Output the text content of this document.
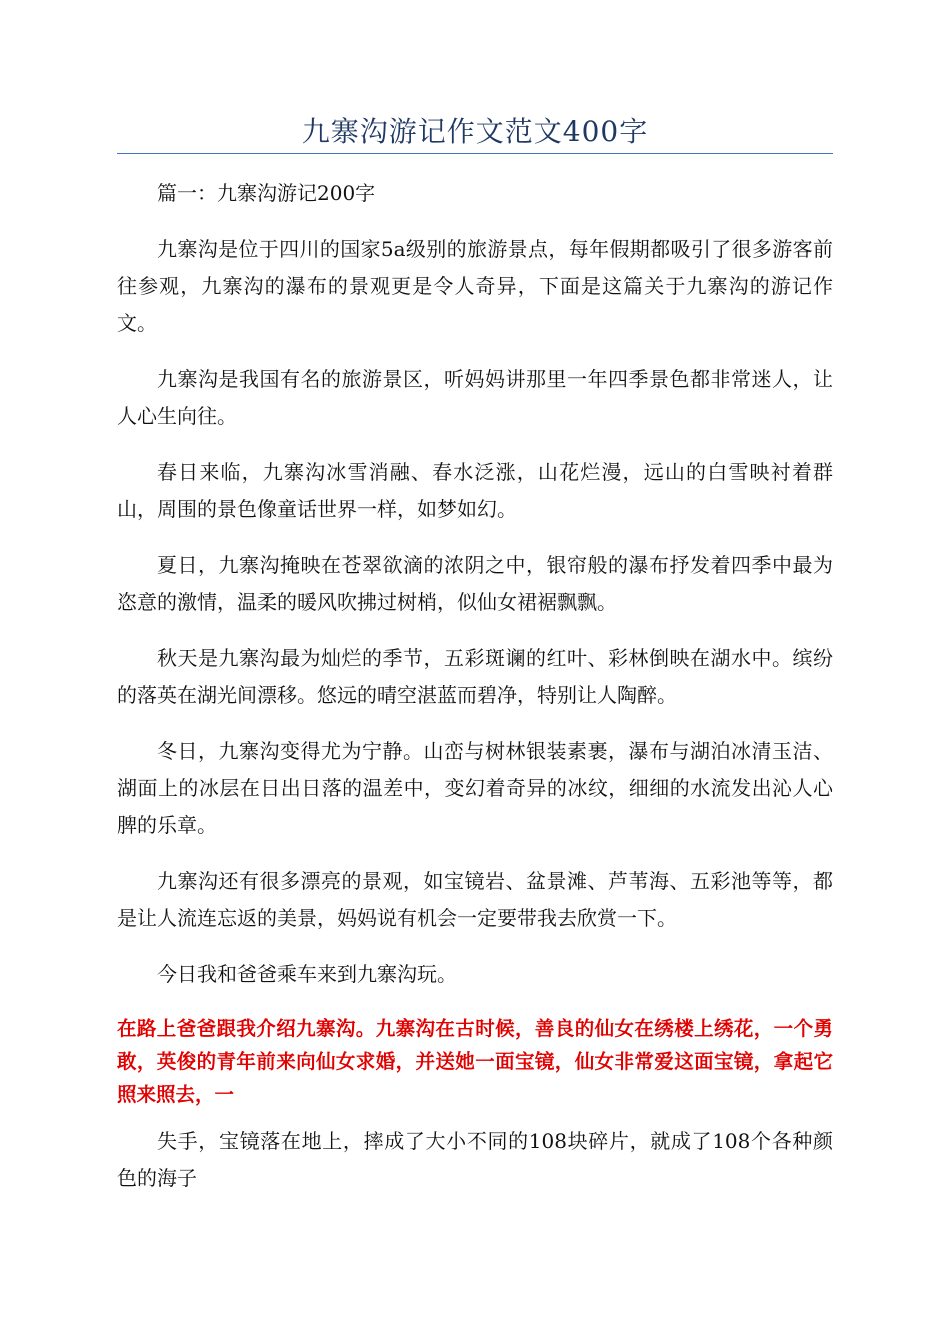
九寨沟游记作文范文400字

篇一：九寨沟游记200字

九寨沟是位于四川的国家5a级别的旅游景点，每年假期都吸引了很多游客前往参观，九寨沟的瀑布的景观更是令人奇异，下面是这篇关于九寨沟的游记作文。

九寨沟是我国有名的旅游景区，听妈妈讲那里一年四季景色都非常迷人，让人心生向往。

春日来临，九寨沟冰雪消融、春水泛涨，山花烂漫，远山的白雪映衬着群山，周围的景色像童话世界一样，如梦如幻。

夏日，九寨沟掩映在苍翠欲滴的浓阴之中，银帘般的瀑布抒发着四季中最为恣意的激情，温柔的暖风吹拂过树梢，似仙女裙裾飘飘。

秋天是九寨沟最为灿烂的季节，五彩斑谰的红叶、彩林倒映在湖水中。缤纷的落英在湖光间漂移。悠远的晴空湛蓝而碧净，特别让人陶醉。

冬日，九寨沟变得尤为宁静。山峦与树林银装素裹，瀑布与湖泊冰清玉洁、湖面上的冰层在日出日落的温差中，变幻着奇异的冰纹，细细的水流发出沁人心脾的乐章。

九寨沟还有很多漂亮的景观，如宝镜岩、盆景滩、芦苇海、五彩池等等，都是让人流连忘返的美景，妈妈说有机会一定要带我去欣赏一下。

今日我和爸爸乘车来到九寨沟玩。

在路上爸爸跟我介绍九寨沟。九寨沟在古时候，善良的仙女在绣楼上绣花，一个勇敢，英俊的青年前来向仙女求婚，并送她一面宝镜，仙女非常爱这面宝镜，拿起它照来照去，一

失手，宝镜落在地上，摔成了大小不同的108块碎片，就成了108个各种颜色的海子
